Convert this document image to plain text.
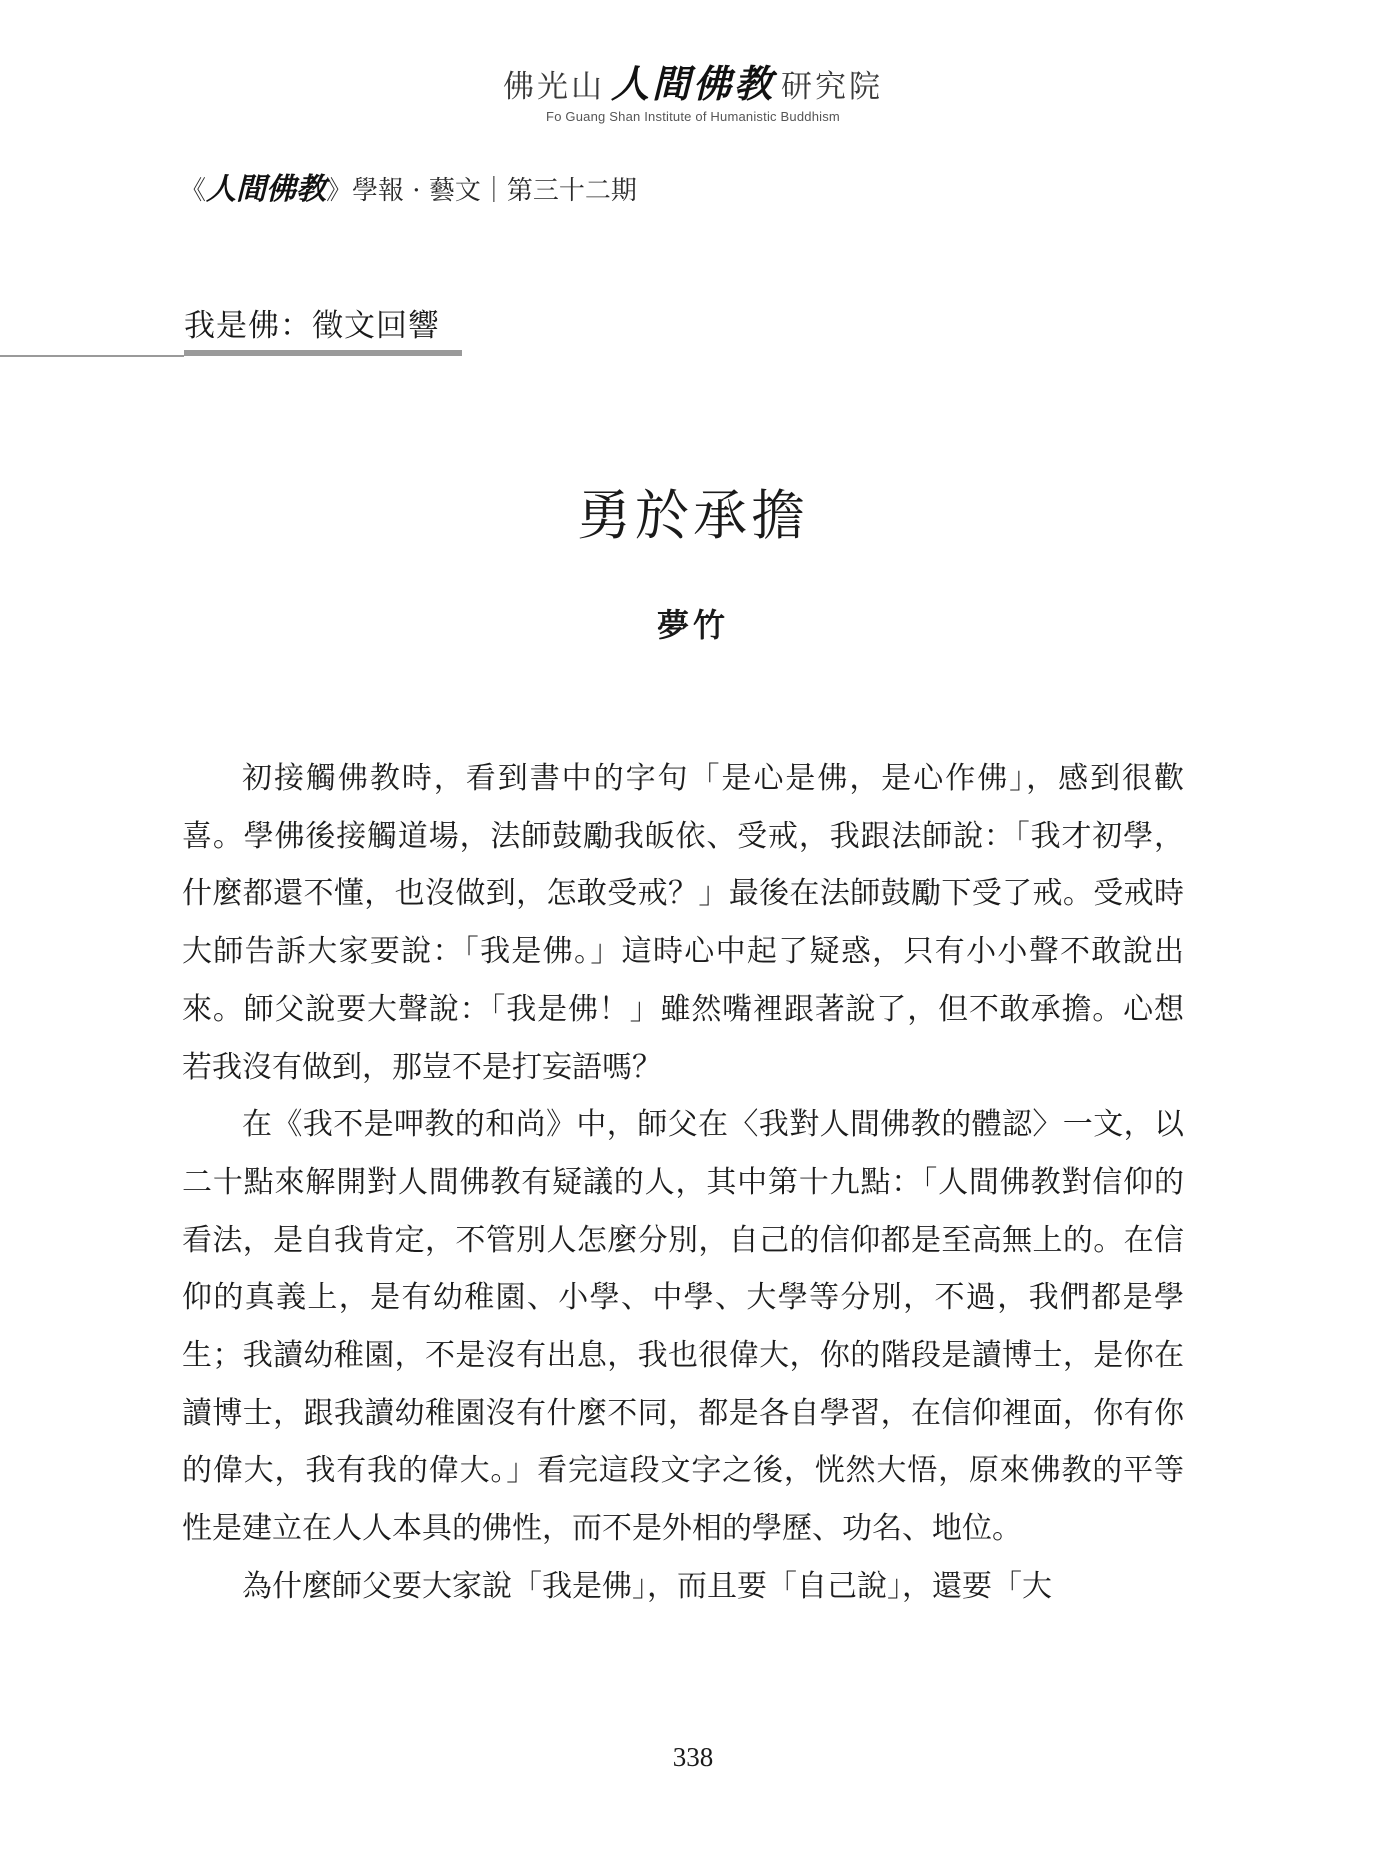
佛光山 人間佛教 研究院
Fo Guang Shan Institute of Humanistic Buddhism
《人間佛教》學報 · 藝文｜第三十二期
我是佛：徵文回響
勇於承擔
夢竹

初接觸佛教時，看到書中的字句「是心是佛，是心作佛」，感到很歡喜。學佛後接觸道場，法師鼓勵我皈依、受戒，我跟法師說：「我才初學，什麼都還不懂，也沒做到，怎敢受戒？」最後在法師鼓勵下受了戒。受戒時大師告訴大家要說：「我是佛。」這時心中起了疑惑，只有小小聲不敢說出來。師父說要大聲說：「我是佛！」雖然嘴裡跟著說了，但不敢承擔。心想若我沒有做到，那豈不是打妄語嗎？

在《我不是呷教的和尚》中，師父在〈我對人間佛教的體認〉一文，以二十點來解開對人間佛教有疑議的人，其中第十九點：「人間佛教對信仰的看法，是自我肯定，不管別人怎麼分別，自己的信仰都是至高無上的。在信仰的真義上，是有幼稚園、小學、中學、大學等分別，不過，我們都是學生；我讀幼稚園，不是沒有出息，我也很偉大，你的階段是讀博士，是你在讀博士，跟我讀幼稚園沒有什麼不同，都是各自學習，在信仰裡面，你有你的偉大，我有我的偉大。」看完這段文字之後，恍然大悟，原來佛教的平等性是建立在人人本具的佛性，而不是外相的學歷、功名、地位。

為什麼師父要大家說「我是佛」，而且要「自己說」，還要「大

338
